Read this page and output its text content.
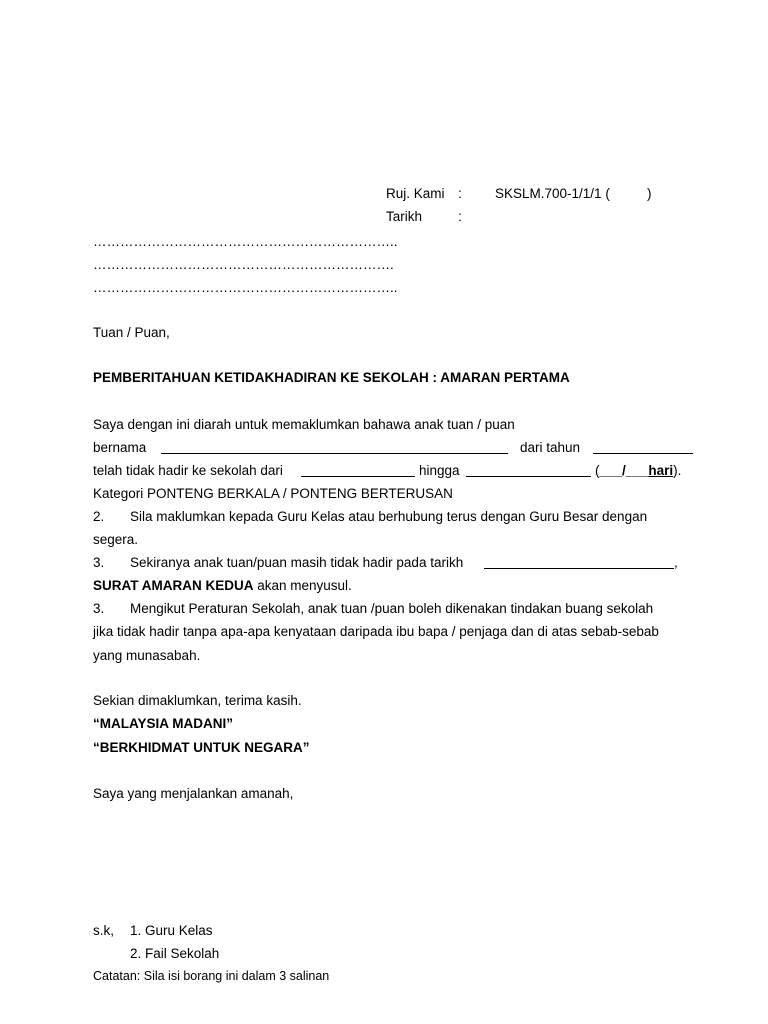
Ruj. Kami : SKSLM.700-1/1/1 (	)
Tarikh	:
…………………………………………………………..
………………………………………………………….
…………………………………………………………..
Tuan / Puan,
PEMBERITAHUAN KETIDAKHADIRAN KE SEKOLAH : AMARAN PERTAMA
Saya dengan ini diarah untuk memaklumkan bahawa anak tuan / puan
bernama	dari tahun
telah tidak hadir ke sekolah dari	hingga	(___/___hari).
Kategori PONTENG BERKALA / PONTENG BERTERUSAN
2. Sila maklumkan kepada Guru Kelas atau berhubung terus dengan Guru Besar dengan
segera.
3. Sekiranya anak tuan/puan masih tidak hadir pada tarikh	,
SURAT AMARAN KEDUA akan menyusul.
3. Mengikut Peraturan Sekolah, anak tuan /puan boleh dikenakan tindakan buang sekolah
jika tidak hadir tanpa apa-apa kenyataan daripada ibu bapa / penjaga dan di atas sebab-sebab
yang munasabah.
Sekian dimaklumkan, terima kasih.
“MALAYSIA MADANI”
“BERKHIDMAT UNTUK NEGARA”
Saya yang menjalankan amanah,
s.k, 1. Guru Kelas
2. Fail Sekolah
Catatan: Sila isi borang ini dalam 3 salinan
